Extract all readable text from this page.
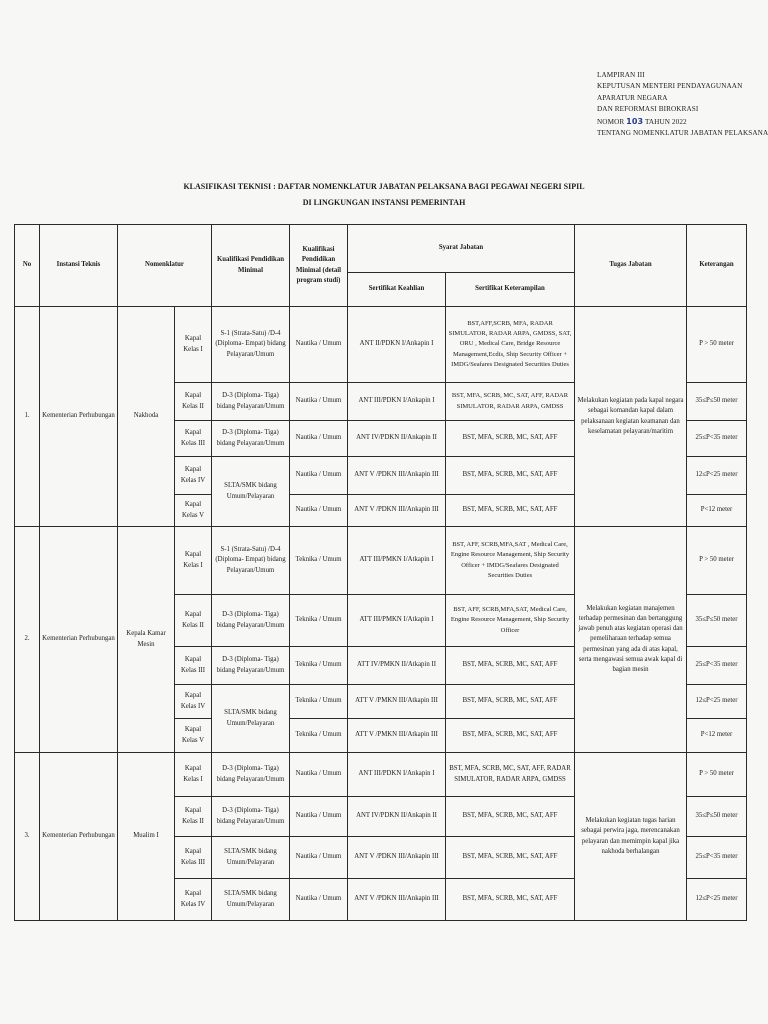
LAMPIRAN III
KEPUTUSAN MENTERI PENDAYAGUNAAN
APARATUR NEGARA
DAN REFORMASI BIROKRASI
NOMOR 103 TAHUN 2022
TENTANG NOMENKLATUR JABATAN PELAKSANA
KLASIFIKASI TEKNISI : DAFTAR NOMENKLATUR JABATAN PELAKSANA BAGI PEGAWAI NEGERI SIPIL
DI LINGKUNGAN INSTANSI PEMERINTAH
No	Instansi Teknis	Nomenklatur		Kualifikasi Pendidikan Minimal	Kualifikasi Pendidikan Minimal (detail program studi)	Syarat Jabatan		Tugas Jabatan	Keterangan
						Sertifikat Keahlian	Sertifikat Keterampilan		
1.	Kementerian Perhubungan	Nakhoda	Kapal Kelas I	S-1 (Strata-Satu) /D-4 (Diploma- Empat) bidang Pelayaran/Umum	Nautika / Umum	ANT II/PDKN I/Ankapin I	BST,AFF,SCRB, MFA, RADAR SIMULATOR, RADAR ARPA, GMDSS, SAT, ORU , Medical Care, Bridge Resource Management,Ecdis, Ship Security Officer + IMDG/Seafares Designated Securities Duties	Melakukan kegiatan pada kapal negara sebagai komandan kapal dalam pelaksanaan kegiatan keamanan dan keselamatan pelayaran/maritim	P > 50 meter
			Kapal Kelas II	D-3 (Diploma- Tiga) bidang Pelayaran/Umum	Nautika / Umum	ANT III/PDKN I/Ankapin I	BST, MFA, SCRB, MC, SAT, AFF, RADAR SIMULATOR, RADAR ARPA, GMDSS		35≤P≤50 meter
			Kapal Kelas III	D-3 (Diploma- Tiga) bidang Pelayaran/Umum	Nautika / Umum	ANT IV/PDKN II/Ankapin II	BST, MFA, SCRB, MC, SAT, AFF		25≤P<35 meter
			Kapal Kelas IV	SLTA/SMK bidang Umum/Pelayaran	Nautika / Umum	ANT V /PDKN III/Ankapin III	BST, MFA, SCRB, MC, SAT, AFF		12≤P<25 meter
			Kapal Kelas V		Nautika / Umum	ANT V /PDKN III/Ankapin III	BST, MFA, SCRB, MC, SAT, AFF		P<12 meter
2.	Kementerian Perhubungan	Kepala Kamar Mesin	Kapal Kelas I	S-1 (Strata-Satu) /D-4 (Diploma- Empat) bidang Pelayaran/Umum	Teknika / Umum	ATT III/PMKN I/Atkapin I	BST, AFF, SCRB,MFA,SAT , Medical Care, Engine Resource Management, Ship Security Officer + IMDG/Seafares Designated Securities Duties	Melakukan kegiatan manajemen terhadap permesinan dan bertanggung jawab penuh atas kegiatan operasi dan pemeliharaan terhadap semua permesinan yang ada di atas kapal, serta mengawasi semua awak kapal di bagian mesin	P > 50 meter
			Kapal Kelas II	D-3 (Diploma- Tiga) bidang Pelayaran/Umum	Teknika / Umum	ATT III/PMKN I/Atkapin I	BST, AFF, SCRB,MFA,SAT, Medical Care, Engine Resource Management, Ship Security Officer		35≤P≤50 meter
			Kapal Kelas III	D-3 (Diploma- Tiga) bidang Pelayaran/Umum	Teknika / Umum	ATT IV/PMKN II/Atkapin II	BST, MFA, SCRB, MC, SAT, AFF		25≤P<35 meter
			Kapal Kelas IV	SLTA/SMK bidang Umum/Pelayaran	Teknika / Umum	ATT V /PMKN III/Atkapin III	BST, MFA, SCRB, MC, SAT, AFF		12≤P<25 meter
			Kapal Kelas V		Teknika / Umum	ATT V /PMKN III/Atkapin III	BST, MFA, SCRB, MC, SAT, AFF		P<12 meter
3.	Kementerian Perhubungan	Mualim I	Kapal Kelas I	D-3 (Diploma- Tiga) bidang Pelayaran/Umum	Nautika / Umum	ANT III/PDKN I/Ankapin I	BST, MFA, SCRB, MC, SAT, AFF, RADAR SIMULATOR, RADAR ARPA, GMDSS	Melakukan kegiatan tugas harian sebagai perwira jaga, merencanakan pelayaran dan memimpin kapal jika nakhoda berhalangan	P > 50 meter
			Kapal Kelas II	D-3 (Diploma- Tiga) bidang Pelayaran/Umum	Nautika / Umum	ANT IV/PDKN II/Ankapin II	BST, MFA, SCRB, MC, SAT, AFF		35≤P≤50 meter
			Kapal Kelas III	SLTA/SMK bidang Umum/Pelayaran	Nautika / Umum	ANT V /PDKN III/Ankapin III	BST, MFA, SCRB, MC, SAT, AFF		25≤P<35 meter
			Kapal Kelas IV	SLTA/SMK bidang Umum/Pelayaran	Nautika / Umum	ANT V /PDKN III/Ankapin III	BST, MFA, SCRB, MC, SAT, AFF		12≤P<25 meter
